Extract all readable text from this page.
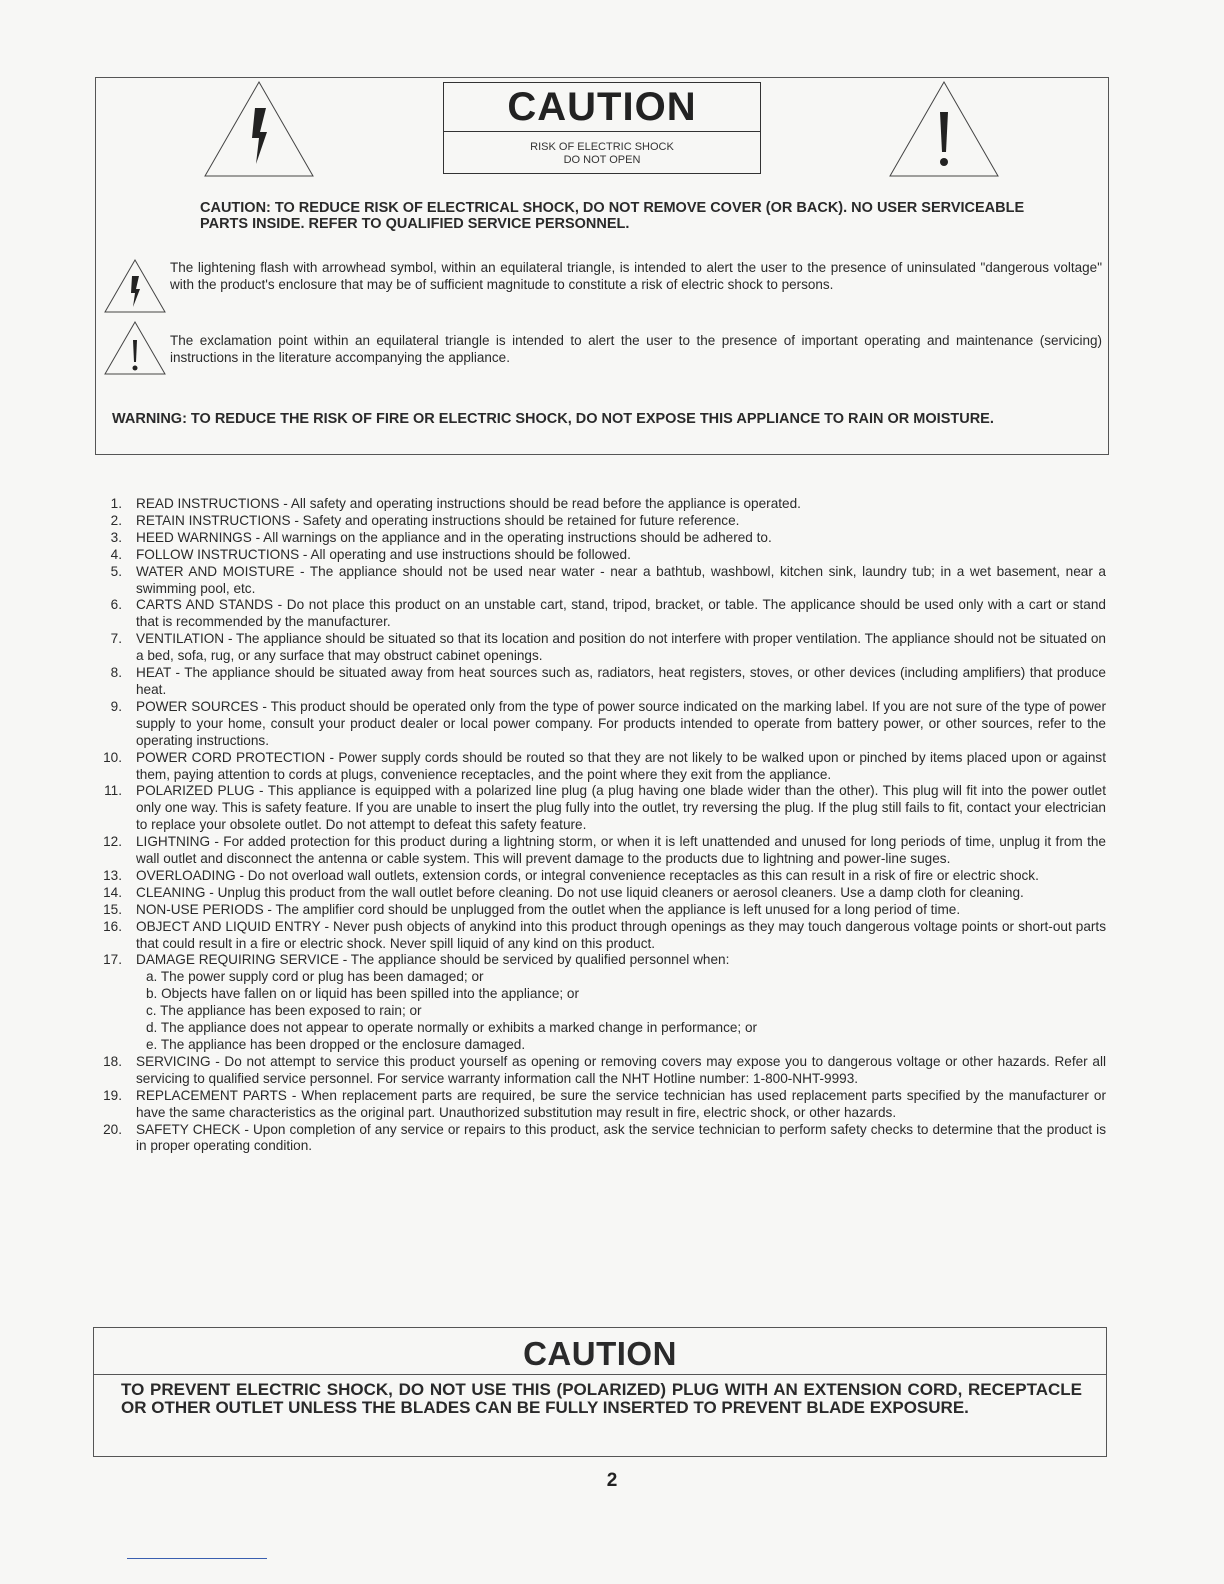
CAUTION
RISK OF ELECTRIC SHOCK
DO NOT OPEN
CAUTION: TO REDUCE RISK OF ELECTRICAL SHOCK, DO NOT REMOVE COVER (OR BACK). NO USER SERVICEABLE PARTS INSIDE. REFER TO QUALIFIED SERVICE PERSONNEL.
The lightening flash with arrowhead symbol, within an equilateral triangle, is intended to alert the user to the presence of uninsulated "dangerous voltage" with the product's enclosure that may be of sufficient magnitude to constitute a risk of electric shock to persons.
The exclamation point within an equilateral triangle is intended to alert the user to the presence of important operating and maintenance (servicing) instructions in the literature accompanying the appliance.
WARNING: TO REDUCE THE RISK OF FIRE OR ELECTRIC SHOCK, DO NOT EXPOSE THIS APPLIANCE TO RAIN OR MOISTURE.
1. READ INSTRUCTIONS - All safety and operating instructions should be read before the appliance is operated.
2. RETAIN INSTRUCTIONS - Safety and operating instructions should be retained for future reference.
3. HEED WARNINGS - All warnings on the appliance and in the operating instructions should be adhered to.
4. FOLLOW INSTRUCTIONS - All operating and use instructions should be followed.
5. WATER AND MOISTURE - The appliance should not be used near water - near a bathtub, washbowl, kitchen sink, laundry tub; in a wet basement, near a swimming pool, etc.
6. CARTS AND STANDS - Do not place this product on an unstable cart, stand, tripod, bracket, or table. The applicance should be used only with a cart or stand that is recommended by the manufacturer.
7. VENTILATION - The appliance should be situated so that its location and position do not interfere with proper ventilation. The appliance should not be situated on a bed, sofa, rug, or any surface that may obstruct cabinet openings.
8. HEAT - The appliance should be situated away from heat sources such as, radiators, heat registers, stoves, or other devices (including amplifiers) that produce heat.
9. POWER SOURCES - This product should be operated only from the type of power source indicated on the marking label. If you are not sure of the type of power supply to your home, consult your product dealer or local power company. For products intended to operate from battery power, or other sources, refer to the operating instructions.
10. POWER CORD PROTECTION - Power supply cords should be routed so that they are not likely to be walked upon or pinched by items placed upon or against them, paying attention to cords at plugs, convenience receptacles, and the point where they exit from the appliance.
11. POLARIZED PLUG - This appliance is equipped with a polarized line plug (a plug having one blade wider than the other). This plug will fit into the power outlet only one way. This is safety feature. If you are unable to insert the plug fully into the outlet, try reversing the plug. If the plug still fails to fit, contact your electrician to replace your obsolete outlet. Do not attempt to defeat this safety feature.
12. LIGHTNING - For added protection for this product during a lightning storm, or when it is left unattended and unused for long periods of time, unplug it from the wall outlet and disconnect the antenna or cable system. This will prevent damage to the products due to lightning and power-line suges.
13. OVERLOADING - Do not overload wall outlets, extension cords, or integral convenience receptacles as this can result in a risk of fire or electric shock.
14. CLEANING - Unplug this product from the wall outlet before cleaning. Do not use liquid cleaners or aerosol cleaners. Use a damp cloth for cleaning.
15. NON-USE PERIODS - The amplifier cord should be unplugged from the outlet when the appliance is left unused for a long period of time.
16. OBJECT AND LIQUID ENTRY - Never push objects of anykind into this product through openings as they may touch dangerous voltage points or short-out parts that could result in a fire or electric shock. Never spill liquid of any kind on this product.
17. DAMAGE REQUIRING SERVICE - The appliance should be serviced by qualified personnel when:
a. The power supply cord or plug has been damaged; or
b. Objects have fallen on or liquid has been spilled into the appliance; or
c. The appliance has been exposed to rain; or
d. The appliance does not appear to operate normally or exhibits a marked change in performance; or
e. The appliance has been dropped or the enclosure damaged.
18. SERVICING - Do not attempt to service this product yourself as opening or removing covers may expose you to dangerous voltage or other hazards. Refer all servicing to qualified service personnel. For service warranty information call the NHT Hotline number: 1-800-NHT-9993.
19. REPLACEMENT PARTS - When replacement parts are required, be sure the service technician has used replacement parts specified by the manufacturer or have the same characteristics as the original part. Unauthorized substitution may result in fire, electric shock, or other hazards.
20. SAFETY CHECK - Upon completion of any service or repairs to this product, ask the service technician to perform safety checks to determine that the product is in proper operating condition.
CAUTION
TO PREVENT ELECTRIC SHOCK, DO NOT USE THIS (POLARIZED) PLUG WITH AN EXTENSION CORD, RECEPTACLE OR OTHER OUTLET UNLESS THE BLADES CAN BE FULLY INSERTED TO PREVENT BLADE EXPOSURE.
2
